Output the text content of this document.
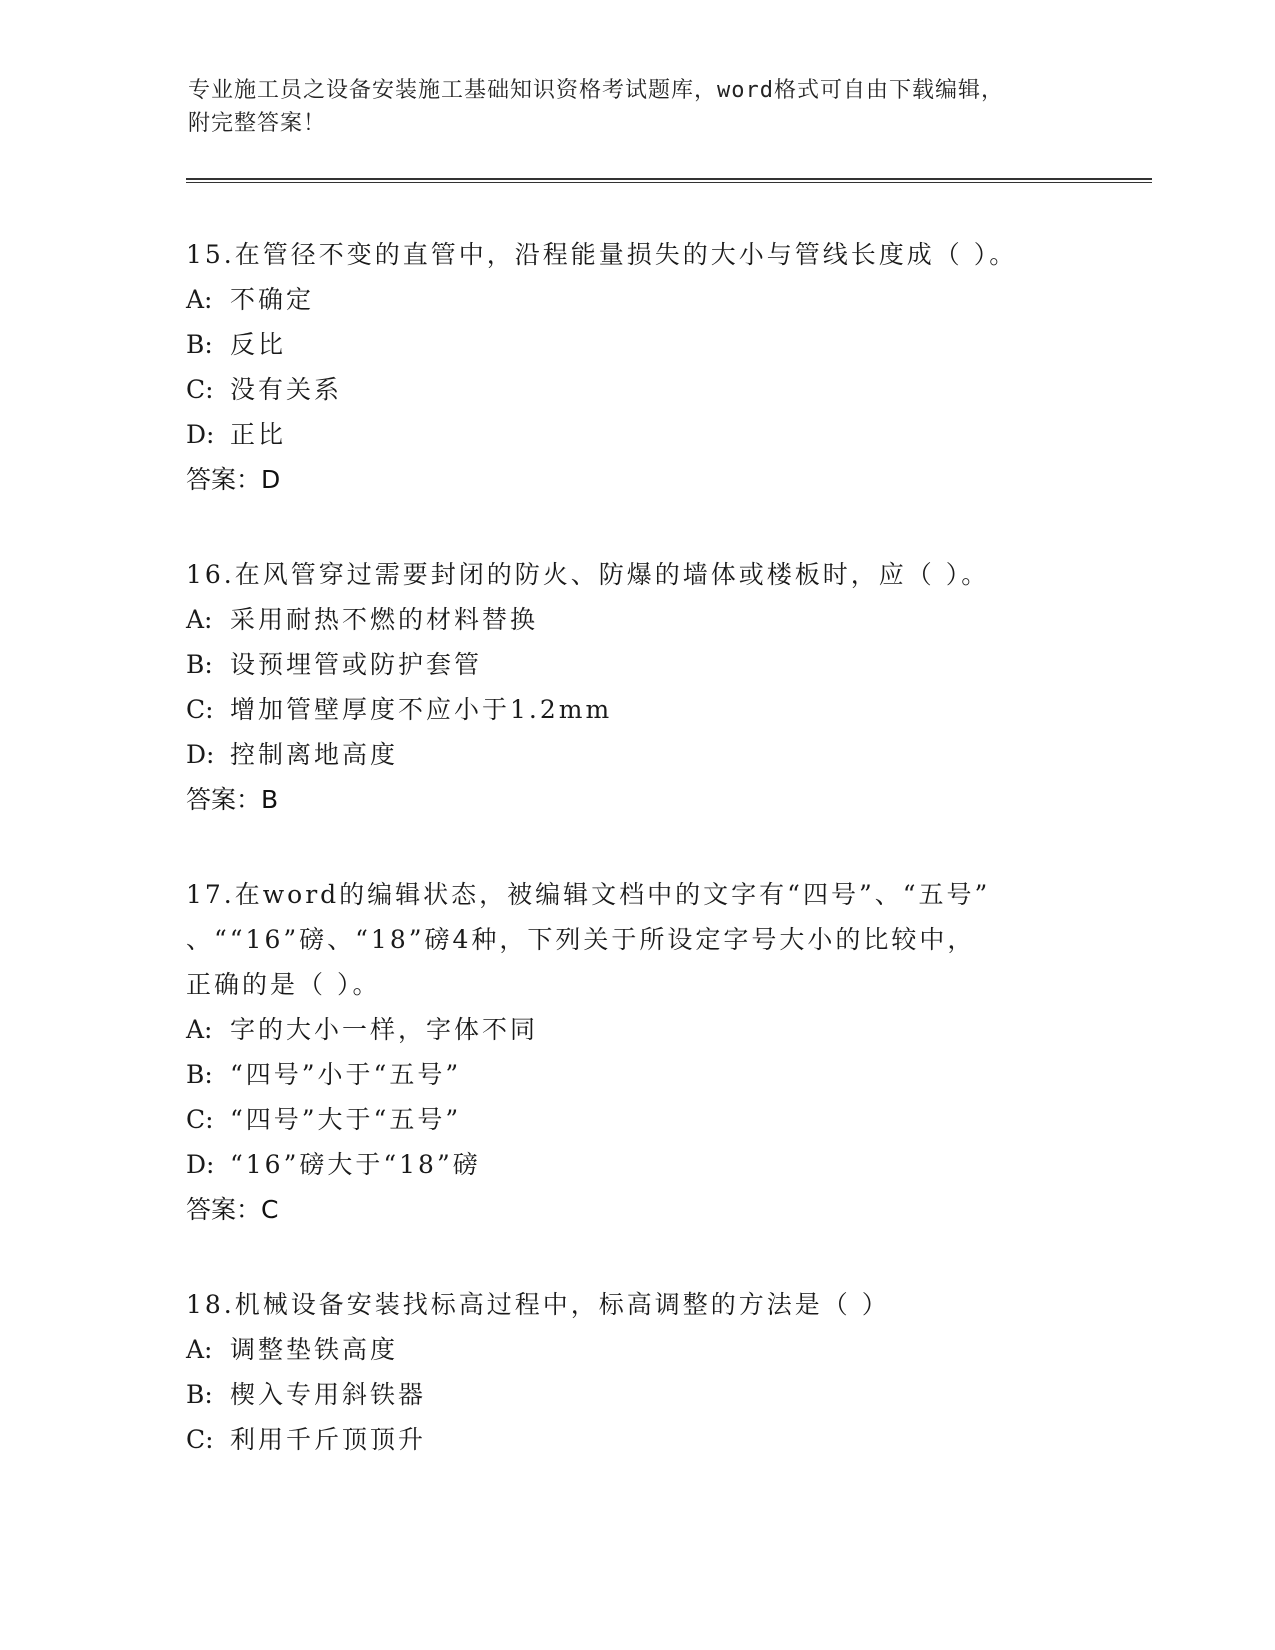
专业施工员之设备安装施工基础知识资格考试题库，word格式可自由下载编辑，
附完整答案！
15.在管径不变的直管中，沿程能量损失的大小与管线长度成（ ）。
A: 不确定
B: 反比
C: 没有关系
D: 正比
答案：D
16.在风管穿过需要封闭的防火、防爆的墙体或楼板时，应（ ）。
A: 采用耐热不燃的材料替换
B: 设预埋管或防护套管
C: 增加管壁厚度不应小于1.2mm
D: 控制离地高度
答案：B
17.在word的编辑状态，被编辑文档中的文字有“四号”、“五号”
、““16”磅、“18”磅4种，下列关于所设定字号大小的比较中，
正确的是（ ）。
A: 字的大小一样，字体不同
B: “四号”小于“五号”
C: “四号”大于“五号”
D: “16”磅大于“18”磅
答案：C
18.机械设备安装找标高过程中，标高调整的方法是（ ）
A: 调整垫铁高度
B: 楔入专用斜铁器
C: 利用千斤顶顶升
